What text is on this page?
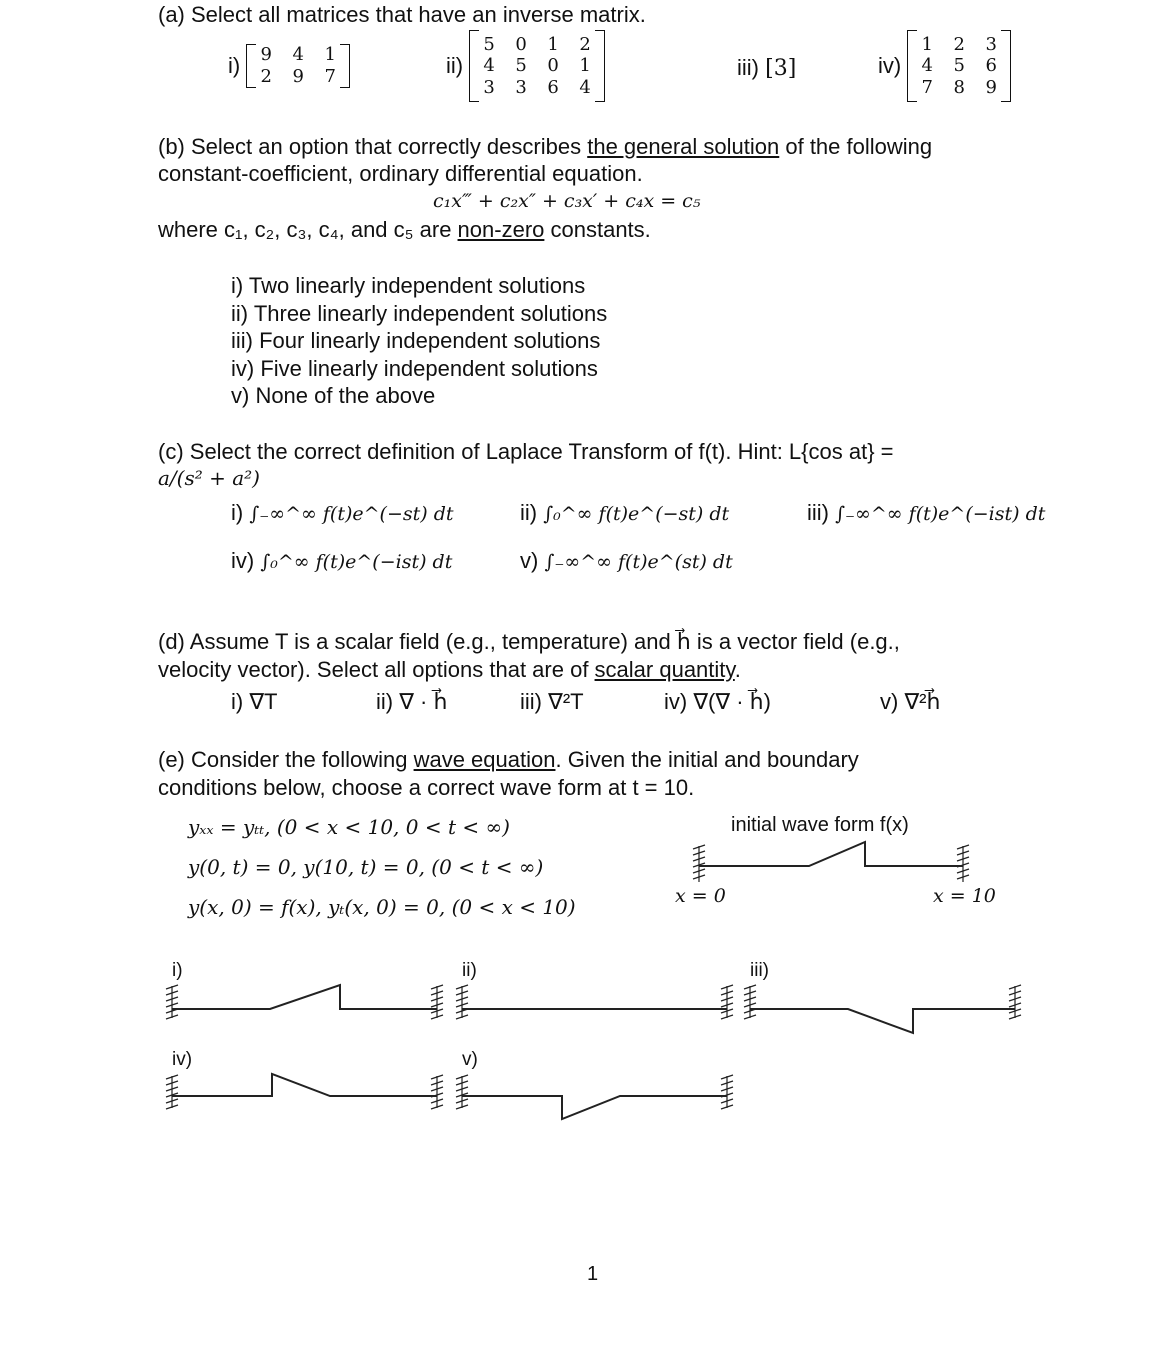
(a) Select all matrices that have an inverse matrix.
i) 9 4 1
2 9 7	ii)
5 0 1 2
4 5 0 1
3 3 6 4
iii) [3]	iv)
1 2 3
4 5 6
7 8 9
(b) Select an option that correctly describes the general solution of the following
constant-coefficient, ordinary differential equation.
c₁x‴ + c₂x″ + c₃x′ + c₄x = c₅
where c₁, c₂, c₃, c₄, and c₅ are non-zero constants.
i) Two linearly independent solutions
ii) Three linearly independent solutions
iii) Four linearly independent solutions
iv) Five linearly independent solutions
v) None of the above
(c) Select the correct definition of Laplace Transform of f(t). Hint: L{cos at} =
a/(s² + a²)
i) ∫₋∞^∞ f(t)e^(−st) dt	ii) ∫₀^∞ f(t)e^(−st) dt	iii) ∫₋∞^∞ f(t)e^(−ist) dt
iv) ∫₀^∞ f(t)e^(−ist) dt	v) ∫₋∞^∞ f(t)e^(st) dt
(d) Assume T is a scalar field (e.g., temperature) and h⃗ is a vector field (e.g.,
velocity vector). Select all options that are of scalar quantity.
i) ∇T	ii) ∇ · h⃗	iii) ∇²T	iv) ∇(∇ · h⃗)	v) ∇²h⃗
(e) Consider the following wave equation. Given the initial and boundary
conditions below, choose a correct wave form at t = 10.
yₓₓ = yₜₜ, (0 < x < 10, 0 < t < ∞)
y(0, t) = 0, y(10, t) = 0, (0 < t < ∞)
y(x, 0) = f(x), yₜ(x, 0) = 0, (0 < x < 10)
initial wave form f(x)
x = 0	x = 10
i)	ii)	iii)
iv)	v)
1
